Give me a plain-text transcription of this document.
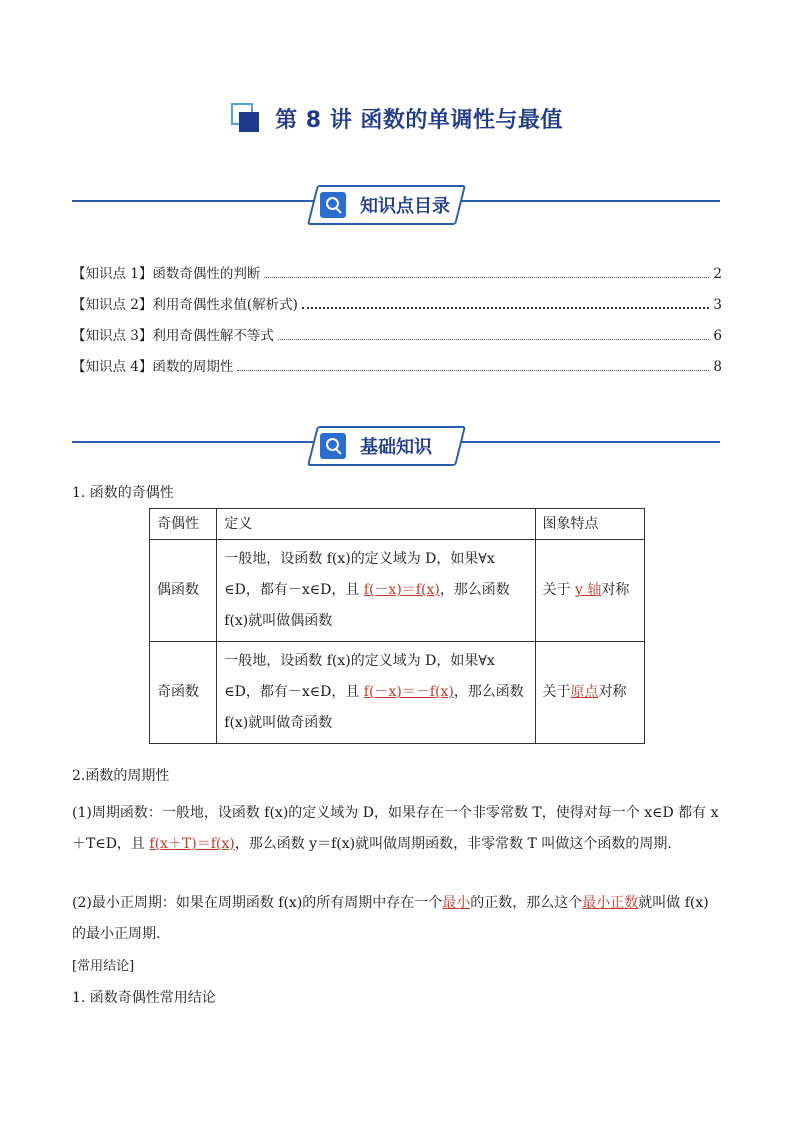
第 8 讲 函数的单调性与最值
知识点目录
【知识点 1】函数奇偶性的判断	2
【知识点 2】利用奇偶性求值(解析式)	3
【知识点 3】利用奇偶性解不等式	6
【知识点 4】函数的周期性	8
基础知识
1. 函数的奇偶性
奇偶性	定义	图象特点
偶函数	一般地，设函数 f(x)的定义域为 D，如果∀x ∈D，都有－x∈D，且 f(－x)＝f(x)，那么函数 f(x)就叫做偶函数	关于 y 轴对称
奇函数	一般地，设函数 f(x)的定义域为 D，如果∀x ∈D，都有－x∈D，且 f(－x)＝－f(x)，那么函数 f(x)就叫做奇函数	关于原点对称
2.函数的周期性
(1)周期函数：一般地，设函数 f(x)的定义域为 D，如果存在一个非零常数 T，使得对每一个 x∈D 都有 x＋T∈D，且 f(x＋T)＝f(x)，那么函数 y＝f(x)就叫做周期函数，非零常数 T 叫做这个函数的周期.
(2)最小正周期：如果在周期函数 f(x)的所有周期中存在一个最小的正数，那么这个最小正数就叫做 f(x)的最小正周期.
[常用结论]
1. 函数奇偶性常用结论
